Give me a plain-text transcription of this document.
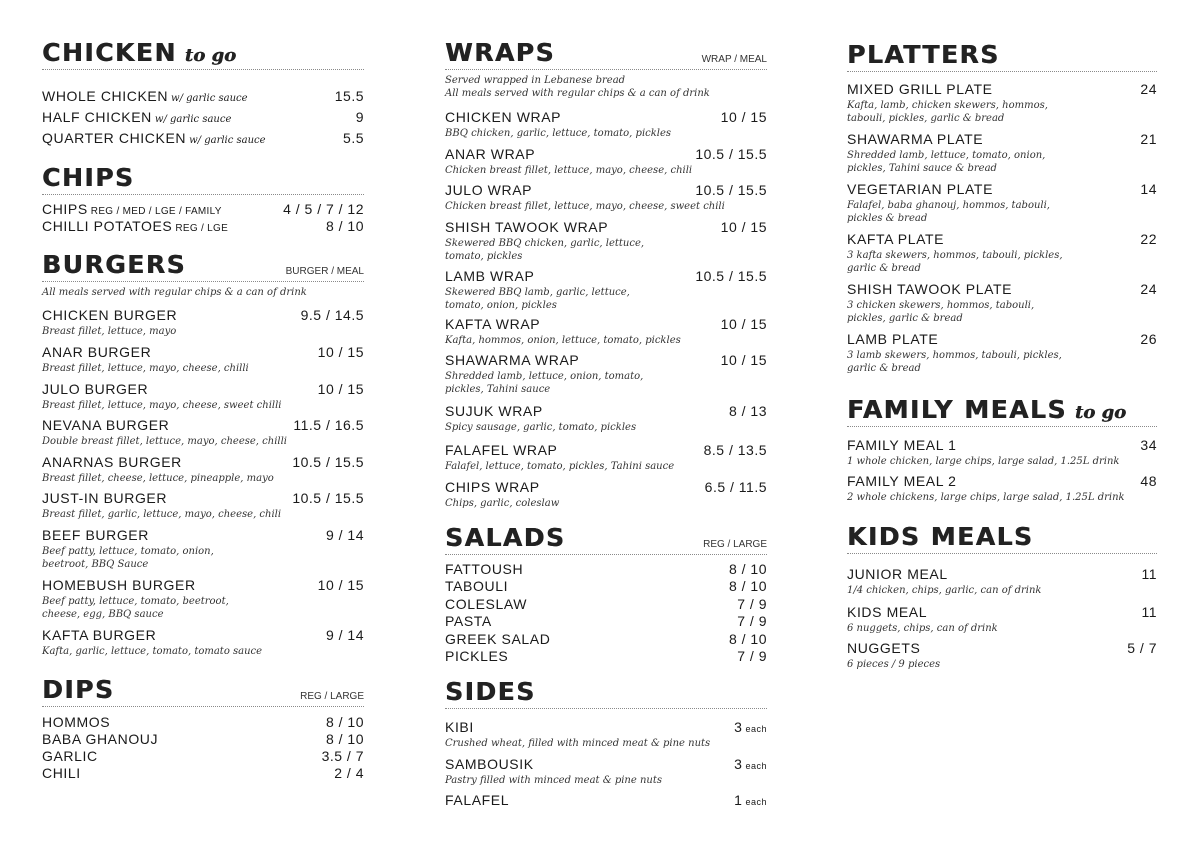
CHICKEN to go
WHOLE CHICKEN w/ garlic sauce	15.5
HALF CHICKEN w/ garlic sauce	9
QUARTER CHICKEN w/ garlic sauce	5.5
CHIPS
CHIPS REG / MED / LGE / FAMILY	4 / 5 / 7 / 12
CHILLI POTATOES REG / LGE	8 / 10
BURGERS	BURGER / MEAL
All meals served with regular chips & a can of drink
CHICKEN BURGER	9.5 / 14.5
Breast fillet, lettuce, mayo
ANAR BURGER	10 / 15
Breast fillet, lettuce, mayo, cheese, chilli
JULO BURGER	10 / 15
Breast fillet, lettuce, mayo, cheese, sweet chilli
NEVANA BURGER	11.5 / 16.5
Double breast fillet, lettuce, mayo, cheese, chilli
ANARNAS BURGER	10.5 / 15.5
Breast fillet, cheese, lettuce, pineapple, mayo
JUST-IN BURGER	10.5 / 15.5
Breast fillet, garlic, lettuce, mayo, cheese, chili
BEEF BURGER	9 / 14
Beef patty, lettuce, tomato, onion, beetroot, BBQ Sauce
HOMEBUSH BURGER	10 / 15
Beef patty, lettuce, tomato, beetroot, cheese, egg, BBQ sauce
KAFTA BURGER	9 / 14
Kafta, garlic, lettuce, tomato, tomato sauce
DIPS	REG / LARGE
HOMMOS	8 / 10
BABA GHANOUJ	8 / 10
GARLIC	3.5 / 7
CHILI	2 / 4
WRAPS	WRAP / MEAL
Served wrapped in Lebanese bread
All meals served with regular chips & a can of drink
CHICKEN WRAP	10 / 15
BBQ chicken, garlic, lettuce, tomato, pickles
ANAR WRAP	10.5 / 15.5
Chicken breast fillet, lettuce, mayo, cheese, chili
JULO WRAP	10.5 / 15.5
Chicken breast fillet, lettuce, mayo, cheese, sweet chili
SHISH TAWOOK WRAP	10 / 15
Skewered BBQ chicken, garlic, lettuce, tomato, pickles
LAMB WRAP	10.5 / 15.5
Skewered BBQ lamb, garlic, lettuce, tomato, onion, pickles
KAFTA WRAP	10 / 15
Kafta, hommos, onion, lettuce, tomato, pickles
SHAWARMA WRAP	10 / 15
Shredded lamb, lettuce, onion, tomato, pickles, Tahini sauce
SUJUK WRAP	8 / 13
Spicy sausage, garlic, tomato, pickles
FALAFEL WRAP	8.5 / 13.5
Falafel, lettuce, tomato, pickles, Tahini sauce
CHIPS WRAP	6.5 / 11.5
Chips, garlic, coleslaw
SALADS	REG / LARGE
FATTOUSH	8 / 10
TABOULI	8 / 10
COLESLAW	7 / 9
PASTA	7 / 9
GREEK SALAD	8 / 10
PICKLES	7 / 9
SIDES
KIBI	3 each
Crushed wheat, filled with minced meat & pine nuts
SAMBOUSIK	3 each
Pastry filled with minced meat & pine nuts
FALAFEL	1 each
PLATTERS
MIXED GRILL PLATE	24
Kafta, lamb, chicken skewers, hommos, tabouli, pickles, garlic & bread
SHAWARMA PLATE	21
Shredded lamb, lettuce, tomato, onion, pickles, Tahini sauce & bread
VEGETARIAN PLATE	14
Falafel, baba ghanouj, hommos, tabouli, pickles & bread
KAFTA PLATE	22
3 kafta skewers, hommos, tabouli, pickles, garlic & bread
SHISH TAWOOK PLATE	24
3 chicken skewers, hommos, tabouli, pickles, garlic & bread
LAMB PLATE	26
3 lamb skewers, hommos, tabouli, pickles, garlic & bread
FAMILY MEALS to go
FAMILY MEAL 1	34
1 whole chicken, large chips, large salad, 1.25L drink
FAMILY MEAL 2	48
2 whole chickens, large chips, large salad, 1.25L drink
KIDS MEALS
JUNIOR MEAL	11
1/4 chicken, chips, garlic, can of drink
KIDS MEAL	11
6 nuggets, chips, can of drink
NUGGETS	5 / 7
6 pieces / 9 pieces
